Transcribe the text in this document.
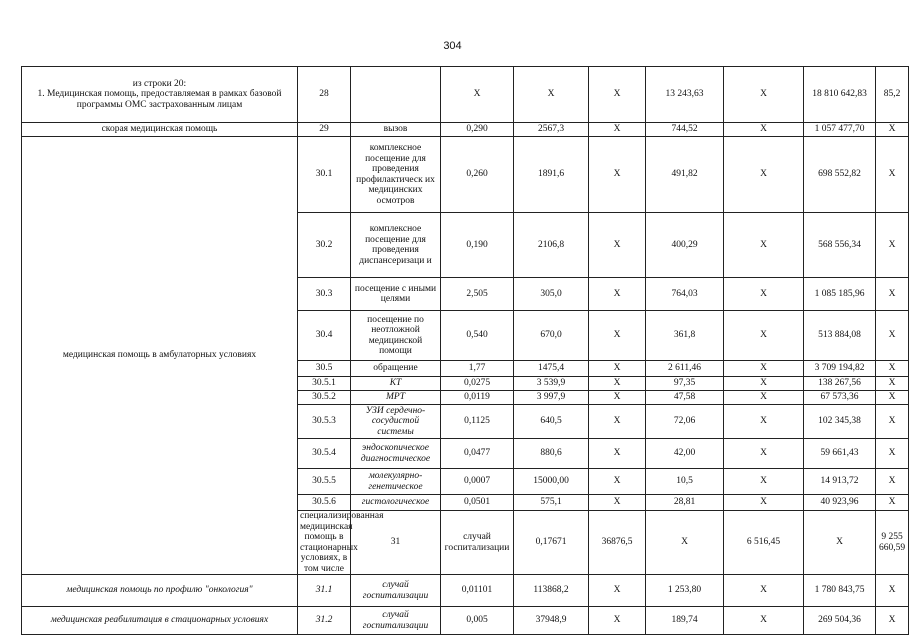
304
из строки 20:
1. Медицинская помощь, предоставляемая в рамках базовой программы ОМС застрахованным лицам	28		X	X	X	13 243,63	X	18 810 642,83	85,2	
скорая медицинская помощь	29	вызов	0,290	2567,3	X	744,52	X	1 057 477,70	X	
медицинская помощь в амбулаторных условиях	30.1	комплексное посещение для проведения профилактическ их медицинских осмотров	0,260	1891,6	X	491,82	X	698 552,82	X	
	30.2	комплексное посещение для проведения диспансеризаци и	0,190	2106,8	X	400,29	X	568 556,34	X	
	30.3	посещение с иными целями	2,505	305,0	X	764,03	X	1 085 185,96	X	
	30.4	посещение по неотложной медицинской помощи	0,540	670,0	X	361,8	X	513 884,08	X	
	30.5	обращение	1,77	1475,4	X	2 611,46	X	3 709 194,82	X	
	30.5.1	КТ	0,0275	3 539,9	X	97,35	X	138 267,56	X	
	30.5.2	МРТ	0,0119	3 997,9	X	47,58	X	67 573,36	X	
	30.5.3	УЗИ сердечно-сосудистой системы	0,1125	640,5	X	72,06	X	102 345,38	X	
	30.5.4	эндоскопическое диагностическое	0,0477	880,6	X	42,00	X	59 661,43	X	
	30.5.5	молекулярно-генетическое	0,0007	15000,00	X	10,5	X	14 913,72	X	
	30.5.6	гистологическое	0,0501	575,1	X	28,81	X	40 923,96	X	
	специализированная медицинская помощь в стационарных условиях, в том числе	31	случай госпитализации	0,17671	36876,5	X	6 516,45	X	9 255 660,59	
медицинская помощь по профилю "онкология"	31.1	случай госпитализации	0,01101	113868,2	X	1 253,80	X	1 780 843,75	X	
медицинская реабилитация в стационарных условиях	31.2	случай госпитализации	0,005	37948,9	X	189,74	X	269 504,36	X	
